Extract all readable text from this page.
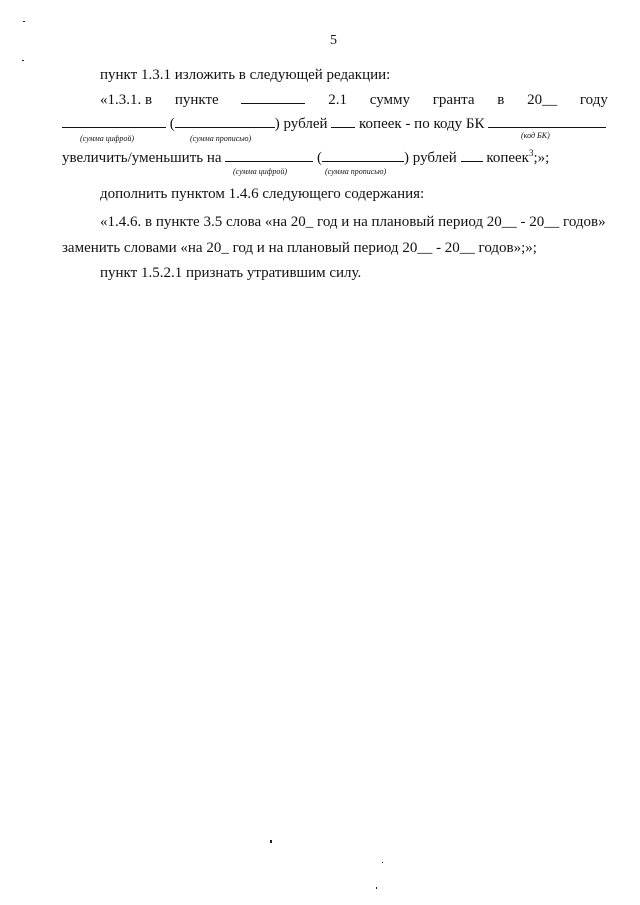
5
пункт 1.3.1 изложить в следующей редакции:
«1.3.1. в пункте	2.1 сумму гранта в 20__ году
(	) рублей копеек - по коду БК
(сумма цифрой)	(сумма прописью)	(код БК)
увеличить/уменьшить на	(	) рублей копеек$^3$;»;
(сумма цифрой)	(сумма прописью)
дополнить пунктом 1.4.6 следующего содержания:
«1.4.6. в пункте 3.5 слова «на 20_ год и на плановый период 20__ - 20__ годов»
заменить словами «на 20_ год и на плановый период 20__ - 20__ годов»;»;
пункт 1.5.2.1 признать утратившим силу.
